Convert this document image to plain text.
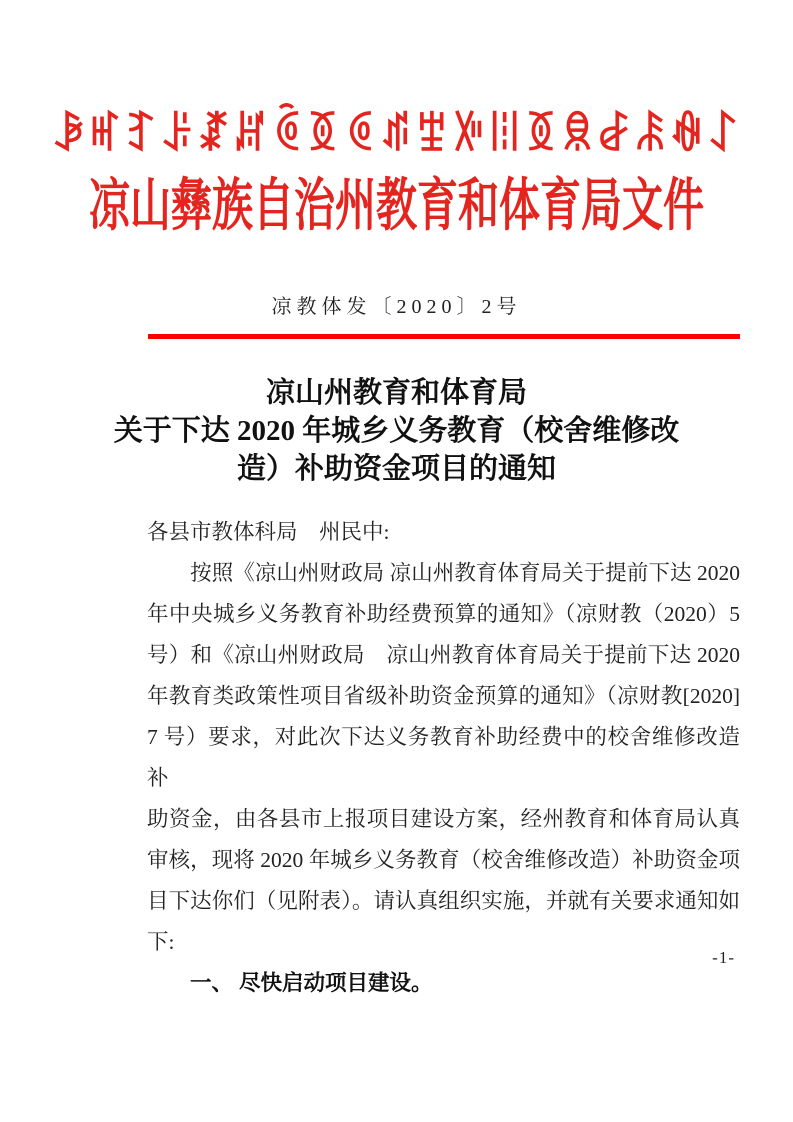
ꆃꎭꆈꌠꊨꏦꏱꅉꏲꁮꄻꀻꈨꅉꌋꆀꄯꊿꋍ
凉山彝族自治州教育和体育局文件
凉教体发〔2020〕2号
凉山州教育和体育局
关于下达 2020 年城乡义务教育（校舍维修改
造）补助资金项目的通知
各县市教体科局　州民中:
　　按照《凉山州财政局 凉山州教育体育局关于提前下达 2020
年中央城乡义务教育补助经费预算的通知》（凉财教（2020）5
号）和《凉山州财政局　凉山州教育体育局关于提前下达 2020
年教育类政策性项目省级补助资金预算的通知》（凉财教[2020]
7 号）要求，对此次下达义务教育补助经费中的校舍维修改造补
助资金，由各县市上报项目建设方案，经州教育和体育局认真
审核，现将 2020 年城乡义务教育（校舍维修改造）补助资金项
目下达你们（见附表）。请认真组织实施，并就有关要求通知如
下:
　　一、 尽快启动项目建设。
-1-
